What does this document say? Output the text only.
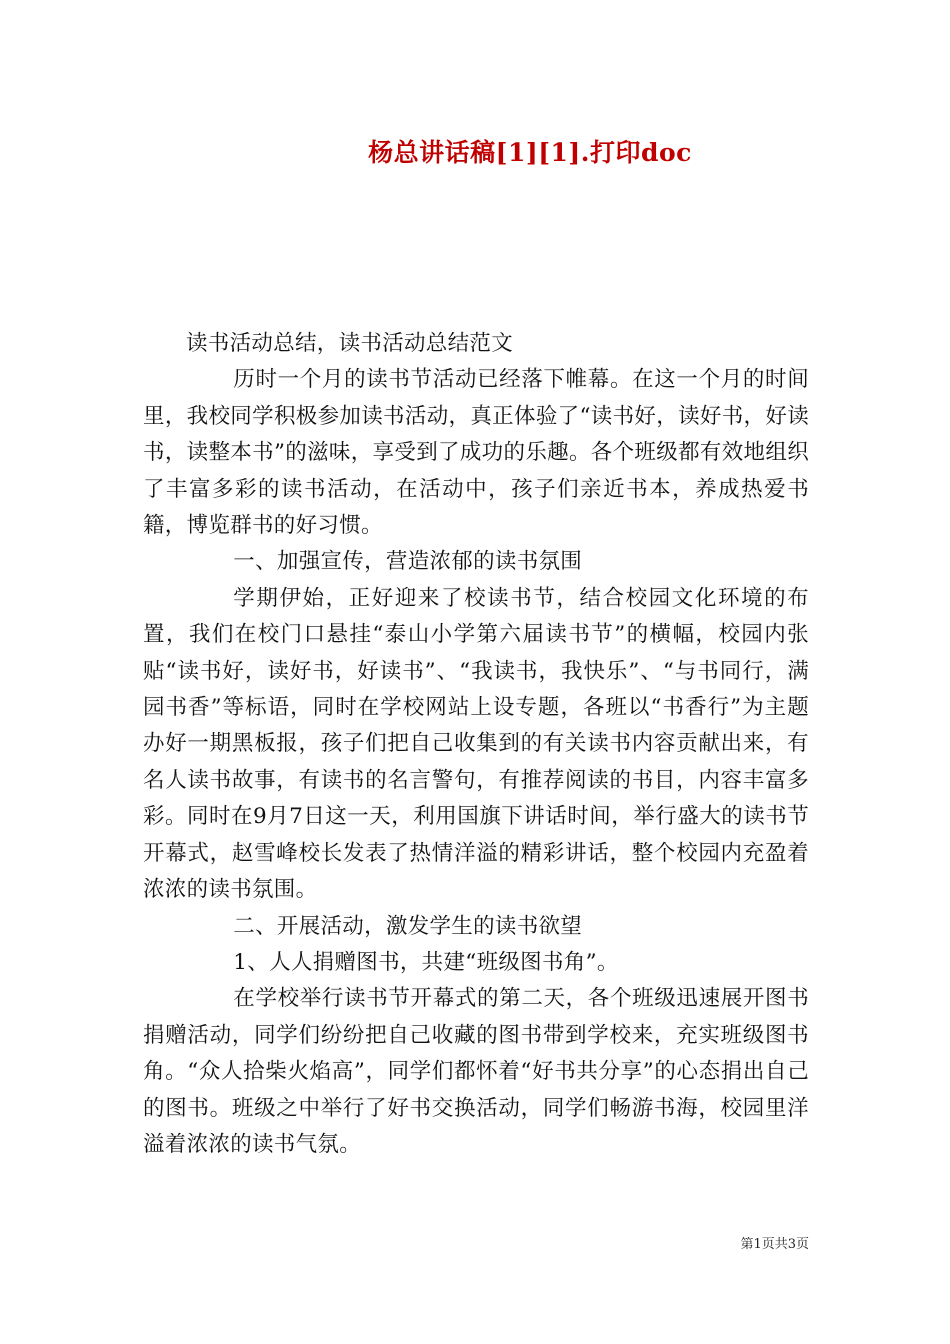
杨总讲话稿[1][1].打印doc

读书活动总结，读书活动总结范文

历时一个月的读书节活动已经落下帷幕。在这一个月的时间里，我校同学积极参加读书活动，真正体验了“读书好，读好书，好读书，读整本书”的滋味，享受到了成功的乐趣。各个班级都有效地组织了丰富多彩的读书活动，在活动中，孩子们亲近书本，养成热爱书籍，博览群书的好习惯。

一、加强宣传，营造浓郁的读书氛围

学期伊始，正好迎来了校读书节，结合校园文化环境的布置，我们在校门口悬挂“泰山小学第六届读书节”的横幅，校园内张贴“读书好，读好书，好读书”、“我读书，我快乐”、“与书同行，满园书香”等标语，同时在学校网站上设专题，各班以“书香行”为主题办好一期黑板报，孩子们把自己收集到的有关读书内容贡献出来，有名人读书故事，有读书的名言警句，有推荐阅读的书目，内容丰富多彩。同时在9月7日这一天，利用国旗下讲话时间，举行盛大的读书节开幕式，赵雪峰校长发表了热情洋溢的精彩讲话，整个校园内充盈着浓浓的读书氛围。

二、开展活动，激发学生的读书欲望

1、人人捐赠图书，共建“班级图书角”。

在学校举行读书节开幕式的第二天，各个班级迅速展开图书捐赠活动，同学们纷纷把自己收藏的图书带到学校来，充实班级图书角。“众人拾柴火焰高”，同学们都怀着“好书共分享”的心态捐出自己的图书。班级之中举行了好书交换活动，同学们畅游书海，校园里洋溢着浓浓的读书气氛。

第1页共3页
